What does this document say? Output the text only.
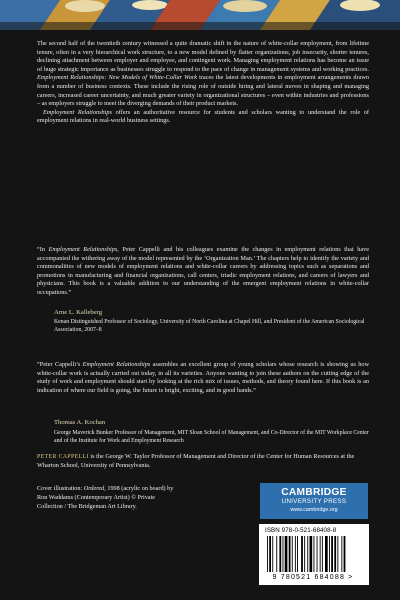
The second half of the twentieth century witnessed a quite dramatic shift in the nature of white-collar employment, from lifetime tenure, often in a very hierarchical work structure, to a new model defined by flatter organizations, job insecurity, shorter tenures, declining attachment between employer and employee, and contingent work. Managing employment relations has become an issue of huge strategic importance as businesses struggle to respond to the pace of change in management systems and working practices. Employment Relationships: New Models of White-Collar Work traces the latest developments in employment arrangements drawn from a number of business contexts. These include the rising role of outside hiring and lateral moves in shaping and managing careers, increased career uncertainty, and much greater variety in organizational structures – even within industries and professions – as employers struggle to meet the diverging demands of their product markets.

Employment Relationships offers an authoritative resource for students and scholars wanting to understand the role of employment relations in real-world business settings.

“In Employment Relationships, Peter Cappelli and his colleagues examine the changes in employment relations that have accompanied the withering away of the model represented by the ‘Organization Man.’ The chapters help to identify the variety and commonalities of new models of employment relations and white-collar careers by addressing topics such as separations and promotions in manufacturing and financial organizations, call centers, triadic employment relations, and careers of lawyers and physicians. This book is a valuable addition to our understanding of the emergent employment relations in white-collar occupations.”
Arne L. Kalleberg
Kenan Distinguished Professor of Sociology, University of North Carolina at Chapel Hill, and President of the American Sociological Association, 2007–8
“Peter Cappelli’s Employment Relationships assembles an excellent group of young scholars whose research is showing us how white-collar work is actually carried out today, in all its varieties. Anyone wanting to join these authors on the cutting edge of the study of work and employment should start by looking at the rich mix of issues, methods, and theory found here. If this book is an indication of where our field is going, the future is bright, exciting, and in good hands.”
Thomas A. Kochan
George Maverick Bunker Professor of Management, MIT Sloan School of Management, and Co-Director of the MIT Workplace Center and of the Institute for Work and Employment Research
PETER CAPPELLI is the George W. Taylor Professor of Management and Director of the Center for Human Resources at the Wharton School, University of Pennsylvania.
Cover illustration: Ordered, 1998 (acrylic on board) by Ron Waddams (Contemporary Artist) © Private Collection / The Bridgeman Art Library.
CAMBRIDGE
UNIVERSITY PRESS
www.cambridge.org
ISBN 978-0-521-68408-8
9 780521 684088 >
